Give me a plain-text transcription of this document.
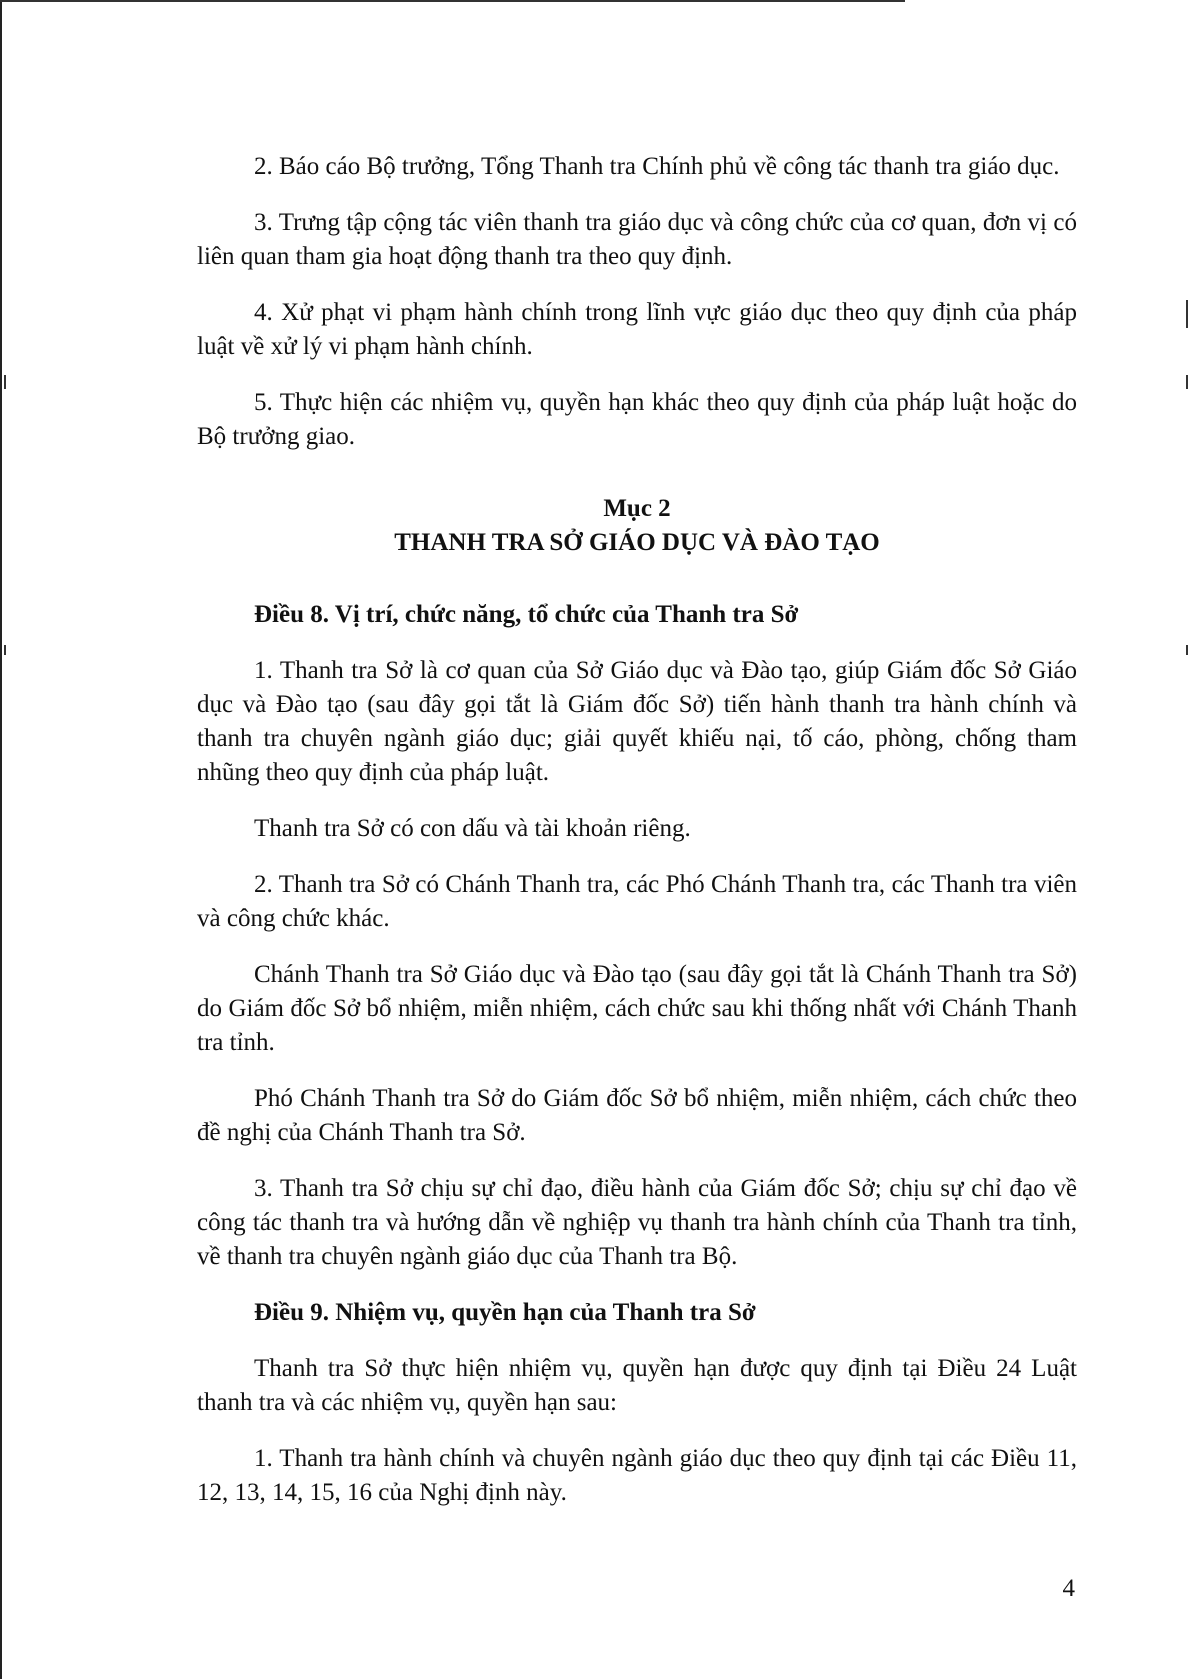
2. Báo cáo Bộ trưởng, Tổng Thanh tra Chính phủ về công tác thanh tra giáo dục.

3. Trưng tập cộng tác viên thanh tra giáo dục và công chức của cơ quan, đơn vị có liên quan tham gia hoạt động thanh tra theo quy định.

4. Xử phạt vi phạm hành chính trong lĩnh vực giáo dục theo quy định của pháp luật về xử lý vi phạm hành chính.

5. Thực hiện các nhiệm vụ, quyền hạn khác theo quy định của pháp luật hoặc do Bộ trưởng giao.

Mục 2
THANH TRA SỞ GIÁO DỤC VÀ ĐÀO TẠO

Điều 8. Vị trí, chức năng, tổ chức của Thanh tra Sở

1. Thanh tra Sở là cơ quan của Sở Giáo dục và Đào tạo, giúp Giám đốc Sở Giáo dục và Đào tạo (sau đây gọi tắt là Giám đốc Sở) tiến hành thanh tra hành chính và thanh tra chuyên ngành giáo dục; giải quyết khiếu nại, tố cáo, phòng, chống tham nhũng theo quy định của pháp luật.

Thanh tra Sở có con dấu và tài khoản riêng.

2. Thanh tra Sở có Chánh Thanh tra, các Phó Chánh Thanh tra, các Thanh tra viên và công chức khác.

Chánh Thanh tra Sở Giáo dục và Đào tạo (sau đây gọi tắt là Chánh Thanh tra Sở) do Giám đốc Sở bổ nhiệm, miễn nhiệm, cách chức sau khi thống nhất với Chánh Thanh tra tỉnh.

Phó Chánh Thanh tra Sở do Giám đốc Sở bổ nhiệm, miễn nhiệm, cách chức theo đề nghị của Chánh Thanh tra Sở.

3. Thanh tra Sở chịu sự chỉ đạo, điều hành của Giám đốc Sở; chịu sự chỉ đạo về công tác thanh tra và hướng dẫn về nghiệp vụ thanh tra hành chính của Thanh tra tỉnh, về thanh tra chuyên ngành giáo dục của Thanh tra Bộ.

Điều 9. Nhiệm vụ, quyền hạn của Thanh tra Sở

Thanh tra Sở thực hiện nhiệm vụ, quyền hạn được quy định tại Điều 24 Luật thanh tra và các nhiệm vụ, quyền hạn sau:

1. Thanh tra hành chính và chuyên ngành giáo dục theo quy định tại các Điều 11, 12, 13, 14, 15, 16 của Nghị định này.

4
